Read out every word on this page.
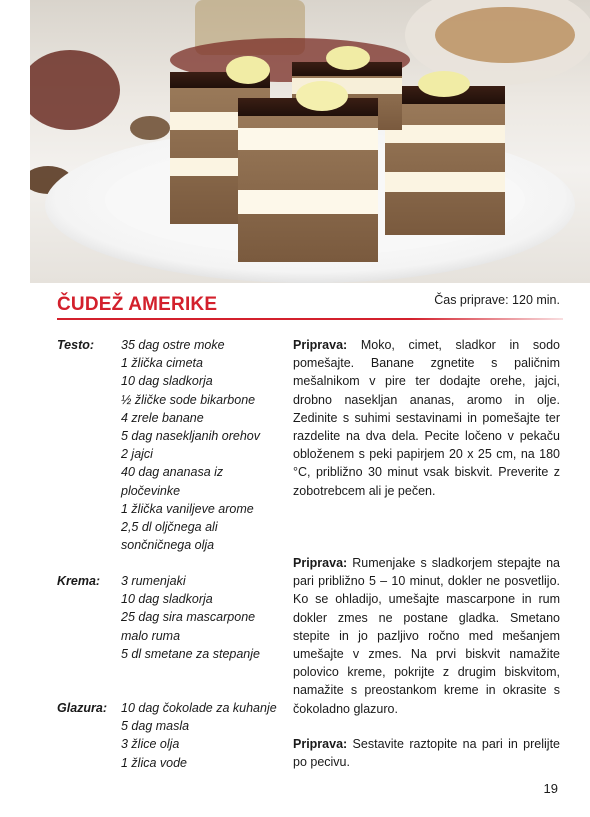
ČUDEŽ AMERIKE	Čas priprave: 120 min.
Testo: 35 dag ostre moke
1 žlička cimeta
10 dag sladkorja
½ žličke sode bikarbone
4 zrele banane
5 dag nasekljanih orehov
2 jajci
40 dag ananasa iz pločevinke
1 žlička vaniljeve arome
2,5 dl oljčnega ali sončničnega olja
Krema: 3 rumenjaki
10 dag sladkorja
25 dag sira mascarpone malo ruma
5 dl smetane za stepanje
Glazura: 10 dag čokolade za kuhanje
5 dag masla
3 žlice olja
1 žlica vode
Priprava: Moko, cimet, sladkor in sodo pomešajte. Banane zgnetite s paličnim mešalnikom v pire ter dodajte orehe, jajci, drobno nasekljan ananas, aromo in olje. Zedinite s suhimi sestavinami in pomešajte ter razdelite na dva dela. Pecite ločeno v pekaču obloženem s peki papirjem 20 x 25 cm, na 180 °C, približno 30 minut vsak biskvit. Preverite z zobotrebcem ali je pečen.
Priprava: Rumenjake s sladkorjem stepajte na pari približno 5 – 10 minut, dokler ne posvetlijo. Ko se ohladijo, umešajte mascarpone in rum dokler zmes ne postane gladka. Smetano stepite in jo pazljivo ročno med mešanjem umešajte v zmes. Na prvi biskvit namažite polovico kreme, pokrijte z drugim biskvitom, namažite s preostankom kreme in okrasite s čokoladno glazuro.
Priprava: Sestavite raztopite na pari in prelijte po pecivu.
19
